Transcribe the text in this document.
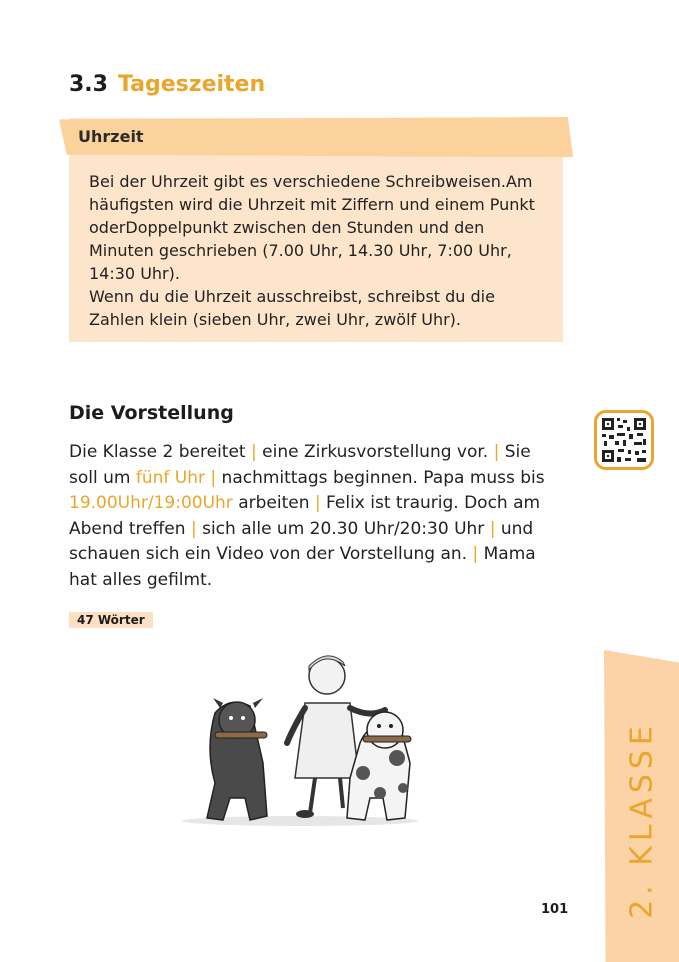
3.3 Tageszeiten
Uhrzeit

Bei der Uhrzeit gibt es verschiedene Schreibweisen.Am häufigsten wird die Uhrzeit mit Ziffern und einem Punkt oderDoppelpunkt zwischen den Stunden und den Minuten geschrieben (7.00 Uhr, 14.30 Uhr, 7:00 Uhr, 14:30 Uhr).

Wenn du die Uhrzeit ausschreibst, schreibst du die Zahlen klein (sieben Uhr, zwei Uhr, zwölf Uhr).

Die Vorstellung
Die Klasse 2 bereitet | eine Zirkusvorstellung vor. | Sie soll um fünf Uhr | nachmittags beginnen. Papa muss bis 19.00Uhr/19:00Uhr arbeiten | Felix ist traurig. Doch am Abend treffen | sich alle um 20.30 Uhr/20:30 Uhr | und schauen sich ein Video von der Vorstellung an. | Mama hat alles gefilmt.
47 Wörter
2. KLASSE
101
